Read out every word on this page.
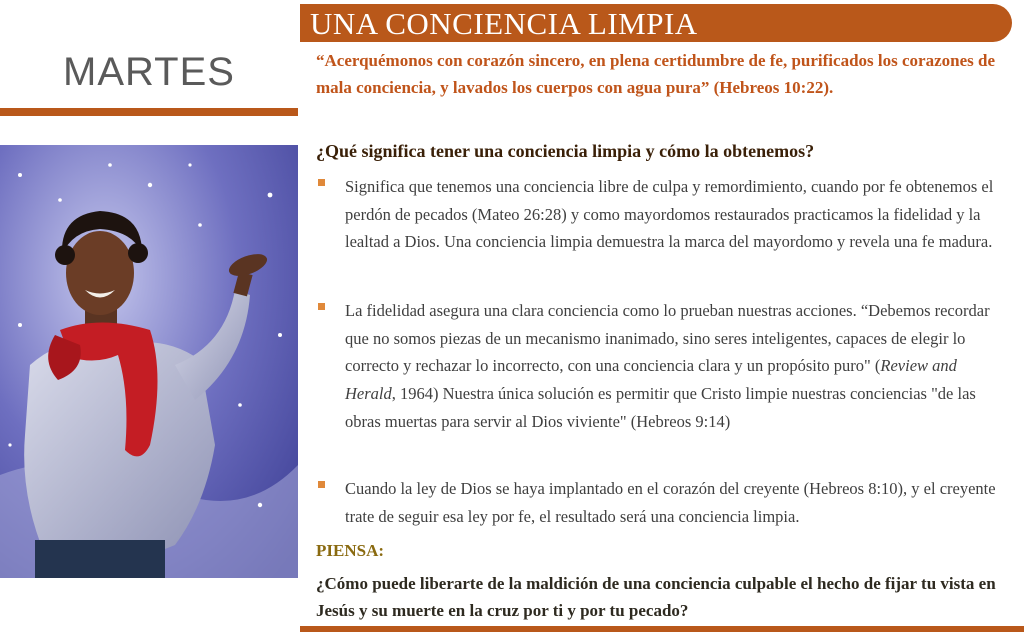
UNA CONCIENCIA LIMPIA
MARTES	“Acerquémonos con corazón sincero, en plena certidumbre de fe, purificados los corazones de mala conciencia, y lavados los cuerpos con agua pura” (Hebreos 10:22).
¿Qué significa tener una conciencia limpia y cómo la obtenemos?
Significa que tenemos una conciencia libre de culpa y remordimiento, cuando por fe obtenemos el perdón de pecados (Mateo 26:28) y como mayordomos restaurados practicamos la fidelidad y la lealtad a Dios. Una conciencia limpia demuestra la marca del mayordomo y revela una fe madura.
La fidelidad asegura una clara conciencia como lo prueban nuestras acciones. “Debemos recordar que no somos piezas de un mecanismo inanimado, sino seres inteligentes, capaces de elegir lo correcto y rechazar lo incorrecto, con una conciencia clara y un propósito puro" (Review and Herald, 1964) Nuestra única solución es permitir que Cristo limpie nuestras conciencias "de las obras muertas para servir al Dios viviente" (Hebreos 9:14)
Cuando la ley de Dios se haya implantado en el corazón del creyente (Hebreos 8:10), y el creyente trate de seguir esa ley por fe, el resultado será una conciencia limpia.
PIENSA:
¿Cómo puede liberarte de la maldición de una conciencia culpable el hecho de fijar tu vista en Jesús y su muerte en la cruz por ti y por tu pecado?
